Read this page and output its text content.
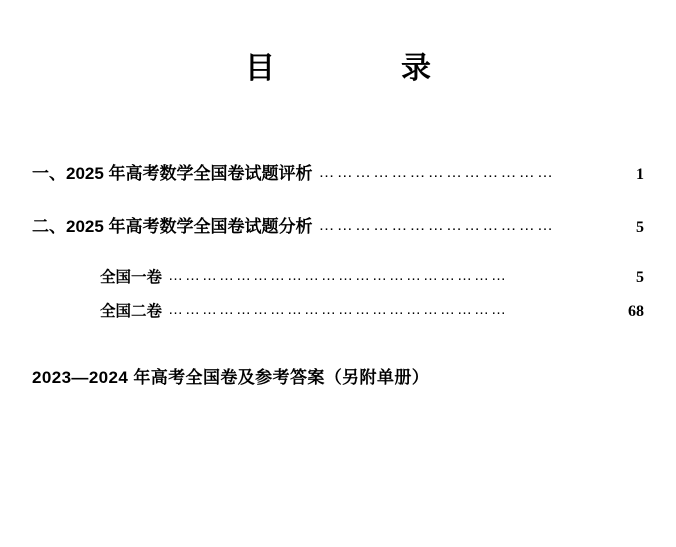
目　　录
一、2025 年高考数学全国卷试题评析 …………………………………	1
二、2025 年高考数学全国卷试题分析 …………………………………	5
全国一卷 ……………………………………………………	5
全国二卷 ……………………………………………………	68
2023—2024 年高考全国卷及参考答案（另附单册）
